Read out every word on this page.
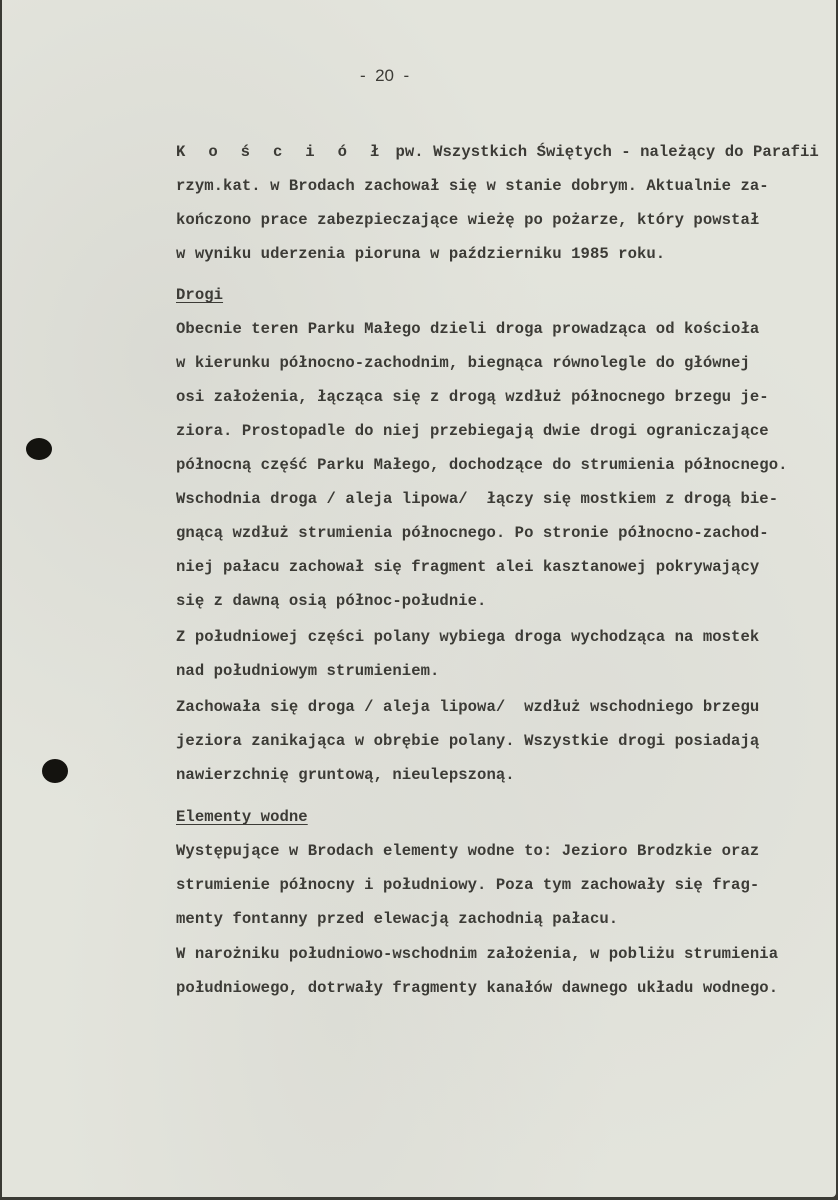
-  20  -

K o ś c i ó ł pw. Wszystkich Świętych - należący do Parafii

rzym.kat. w Brodach zachował się w stanie dobrym. Aktualnie za-

kończono prace zabezpieczające wieżę po pożarze, który powstał

w wyniku uderzenia pioruna w październiku 1985 roku.

Drogi

Obecnie teren Parku Małego dzieli droga prowadząca od kościoła

w kierunku północno-zachodnim, biegnąca równolegle do głównej

osi założenia, łącząca się z drogą wzdłuż północnego brzegu je-

ziora. Prostopadle do niej przebiegają dwie drogi ograniczające

północną część Parku Małego, dochodzące do strumienia północnego.

Wschodnia droga / aleja lipowa/  łączy się mostkiem z drogą bie-

gnącą wzdłuż strumienia północnego. Po stronie północno-zachod-

niej pałacu zachował się fragment alei kasztanowej pokrywający

się z dawną osią północ-południe.

Z południowej części polany wybiega droga wychodząca na mostek

nad południowym strumieniem.

Zachowała się droga / aleja lipowa/  wzdłuż wschodniego brzegu

jeziora zanikająca w obrębie polany. Wszystkie drogi posiadają

nawierzchnię gruntową, nieulepszoną.

Elementy wodne

Występujące w Brodach elementy wodne to: Jezioro Brodzkie oraz

strumienie północny i południowy. Poza tym zachowały się frag-

menty fontanny przed elewacją zachodnią pałacu.

W narożniku południowo-wschodnim założenia, w pobliżu strumienia

południowego, dotrwały fragmenty kanałów dawnego układu wodnego.
